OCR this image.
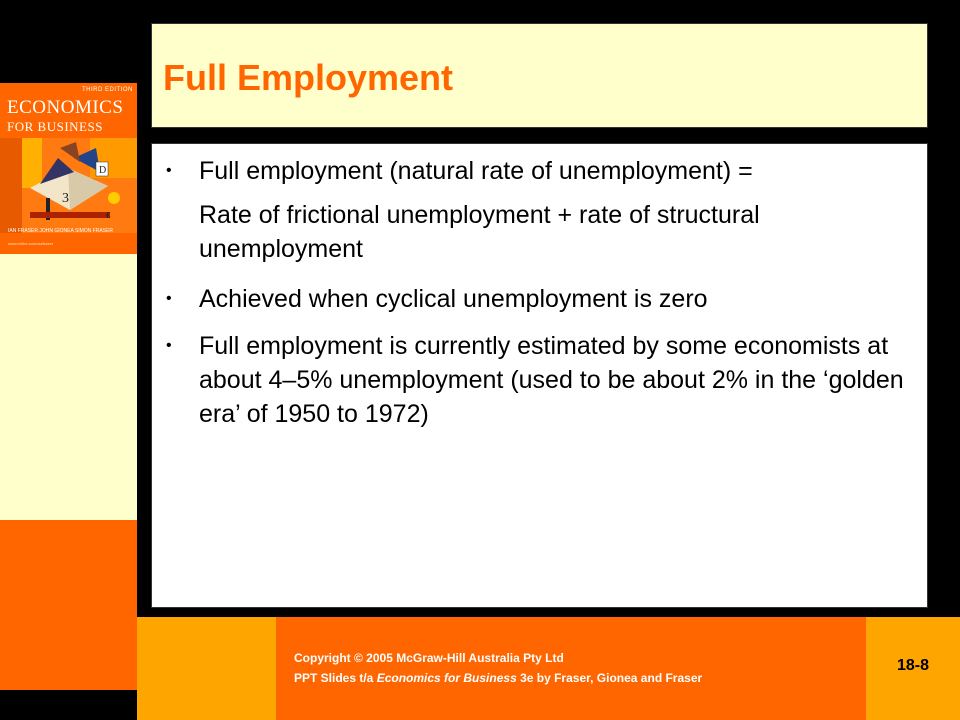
THIRD EDITION
ECONOMICS
FOR BUSINESS
D
3
€
IAN FRASER JOHN GIONEA SIMON FRASER
www.mhhe.com/au/fraser
Full Employment
• Full employment (natural rate of unemployment) =
Rate of frictional unemployment + rate of structural unemployment
• Achieved when cyclical unemployment is zero
• Full employment is currently estimated by some economists at about 4–5% unemployment (used to be about 2% in the ‘golden era’ of 1950 to 1972)
Copyright © 2005 McGraw-Hill Australia Pty Ltd
PPT Slides t/a Economics for Business 3e by Fraser, Gionea and Fraser
18-8
